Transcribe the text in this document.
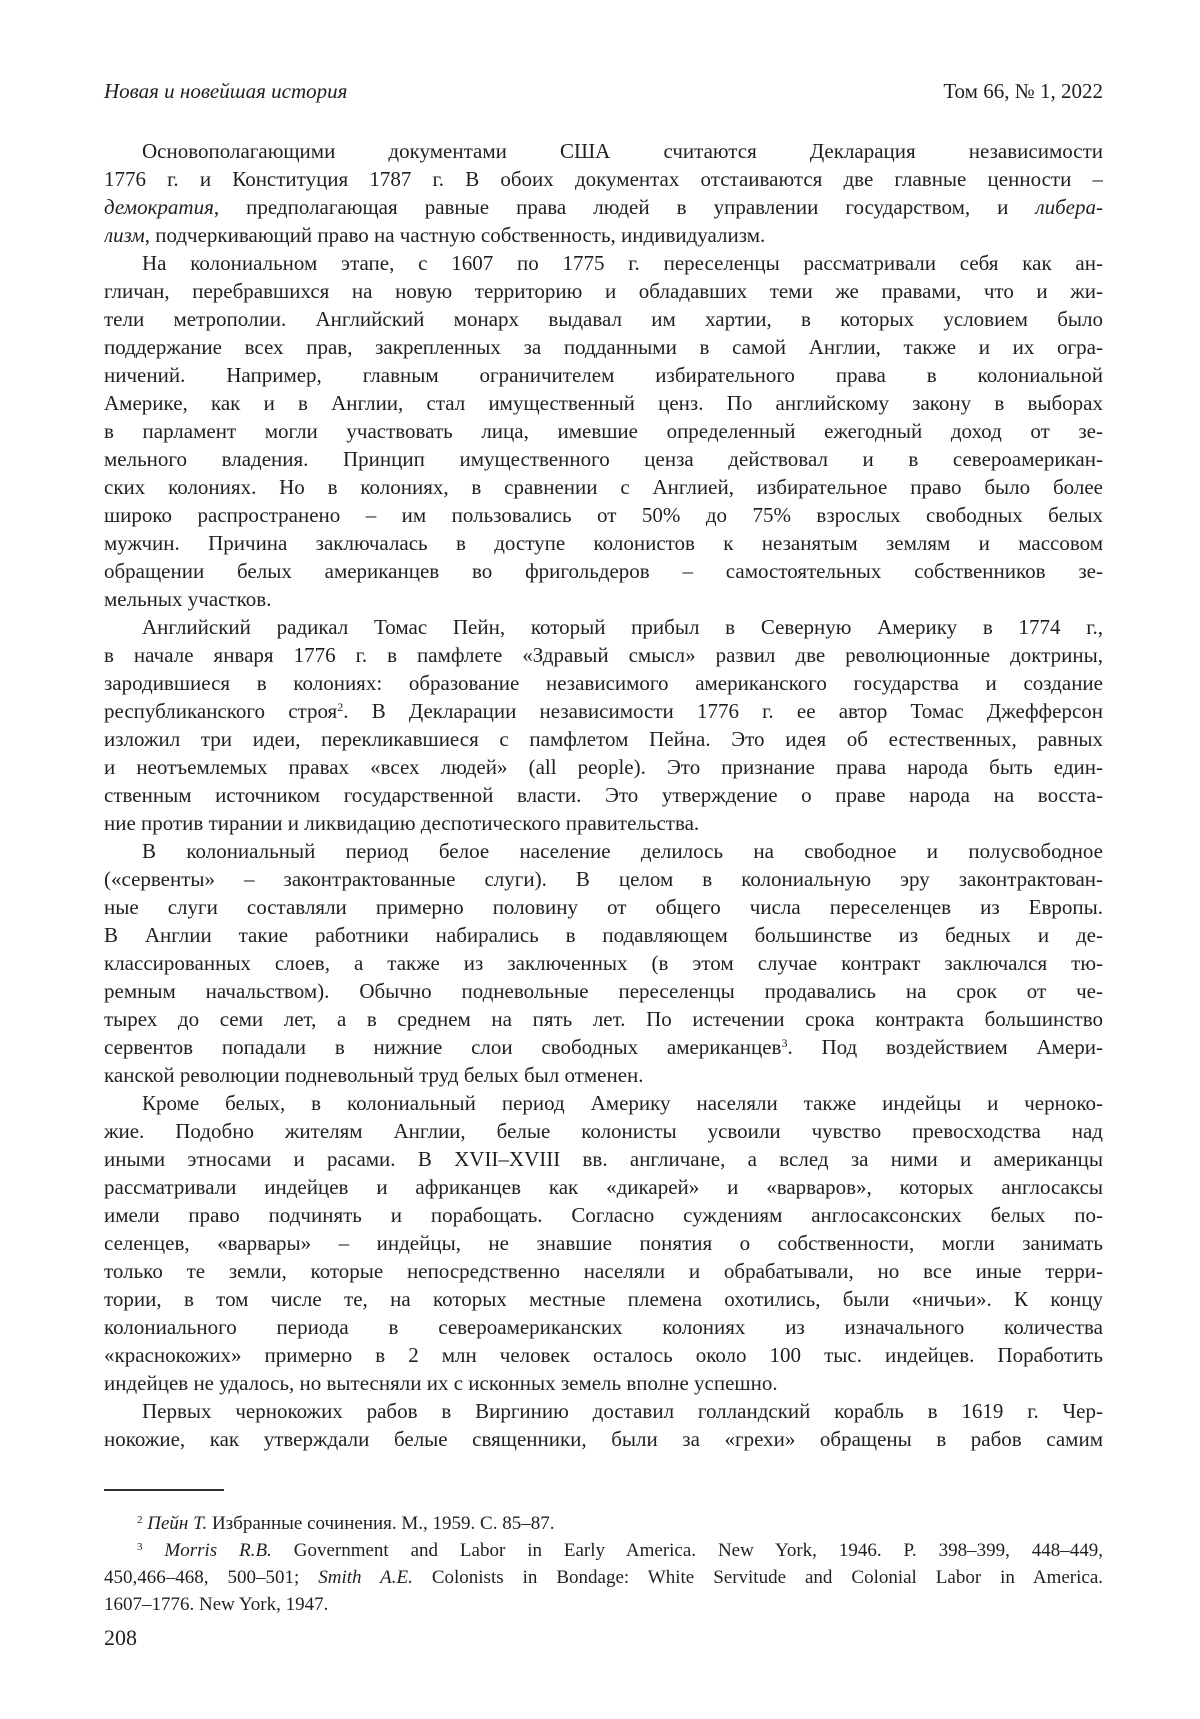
Новая и новейшая история	Том 66, № 1, 2022
Основополагающими документами США считаются Декларация независимости
1776 г. и Конституция 1787 г. В обоих документах отстаиваются две главные ценности –
демократия, предполагающая равные права людей в управлении государством, и либера-
лизм, подчеркивающий право на частную собственность, индивидуализм.
На колониальном этапе, с 1607 по 1775 г. переселенцы рассматривали себя как ан-
гличан, перебравшихся на новую территорию и обладавших теми же правами, что и жи-
тели метрополии. Английский монарх выдавал им хартии, в которых условием было
поддержание всех прав, закрепленных за подданными в самой Англии, также и их огра-
ничений. Например, главным ограничителем избирательного права в колониальной
Америке, как и в Англии, стал имущественный ценз. По английскому закону в выборах
в парламент могли участвовать лица, имевшие определенный ежегодный доход от зе-
мельного владения. Принцип имущественного ценза действовал и в североамерикан-
ских колониях. Но в колониях, в сравнении с Англией, избирательное право было более
широко распространено – им пользовались от 50% до 75% взрослых свободных белых
мужчин. Причина заключалась в доступе колонистов к незанятым землям и массовом
обращении белых американцев во фригольдеров – самостоятельных собственников зе-
мельных участков.
Английский радикал Томас Пейн, который прибыл в Северную Америку в 1774 г.,
в начале января 1776 г. в памфлете «Здравый смысл» развил две революционные доктрины,
зародившиеся в колониях: образование независимого американского государства и создание
республиканского строя$^2$. В Декларации независимости 1776 г. ее автор Томас Джефферсон
изложил три идеи, перекликавшиеся с памфлетом Пейна. Это идея об естественных, равных
и неотъемлемых правах «всех людей» (all people). Это признание права народа быть един-
ственным источником государственной власти. Это утверждение о праве народа на восста-
ние против тирании и ликвидацию деспотического правительства.
В колониальный период белое население делилось на свободное и полусвободное
(«сервенты» – законтрактованные слуги). В целом в колониальную эру законтрактован-
ные слуги составляли примерно половину от общего числа переселенцев из Европы.
В Англии такие работники набирались в подавляющем большинстве из бедных и де-
классированных слоев, а также из заключенных (в этом случае контракт заключался тю-
ремным начальством). Обычно подневольные переселенцы продавались на срок от че-
тырех до семи лет, а в среднем на пять лет. По истечении срока контракта большинство
сервентов попадали в нижние слои свободных американцев$^3$. Под воздействием Амери-
канской революции подневольный труд белых был отменен.
Кроме белых, в колониальный период Америку населяли также индейцы и черноко-
жие. Подобно жителям Англии, белые колонисты усвоили чувство превосходства над
иными этносами и расами. В XVII–XVIII вв. англичане, а вслед за ними и американцы
рассматривали индейцев и африканцев как «дикарей» и «варваров», которых англосаксы
имели право подчинять и порабощать. Согласно суждениям англосаксонских белых по-
селенцев, «варвары» – индейцы, не знавшие понятия о собственности, могли занимать
только те земли, которые непосредственно населяли и обрабатывали, но все иные терри-
тории, в том числе те, на которых местные племена охотились, были «ничьи». К концу
колониального периода в североамериканских колониях из изначального количества
«краснокожих» примерно в 2 млн человек осталось около 100 тыс. индейцев. Поработить
индейцев не удалось, но вытесняли их с исконных земель вполне успешно.
Первых чернокожих рабов в Виргинию доставил голландский корабль в 1619 г. Чер-
нокожие, как утверждали белые священники, были за «грехи» обращены в рабов самим
$^2$ Пейн Т. Избранные сочинения. М., 1959. С. 85–87.
$^3$ Morris R.B. Government and Labor in Early America. New York, 1946. P. 398–399, 448–449,
450,466–468, 500–501; Smith A.E. Colonists in Bondage: White Servitude and Colonial Labor in America.
1607–1776. New York, 1947.
208
